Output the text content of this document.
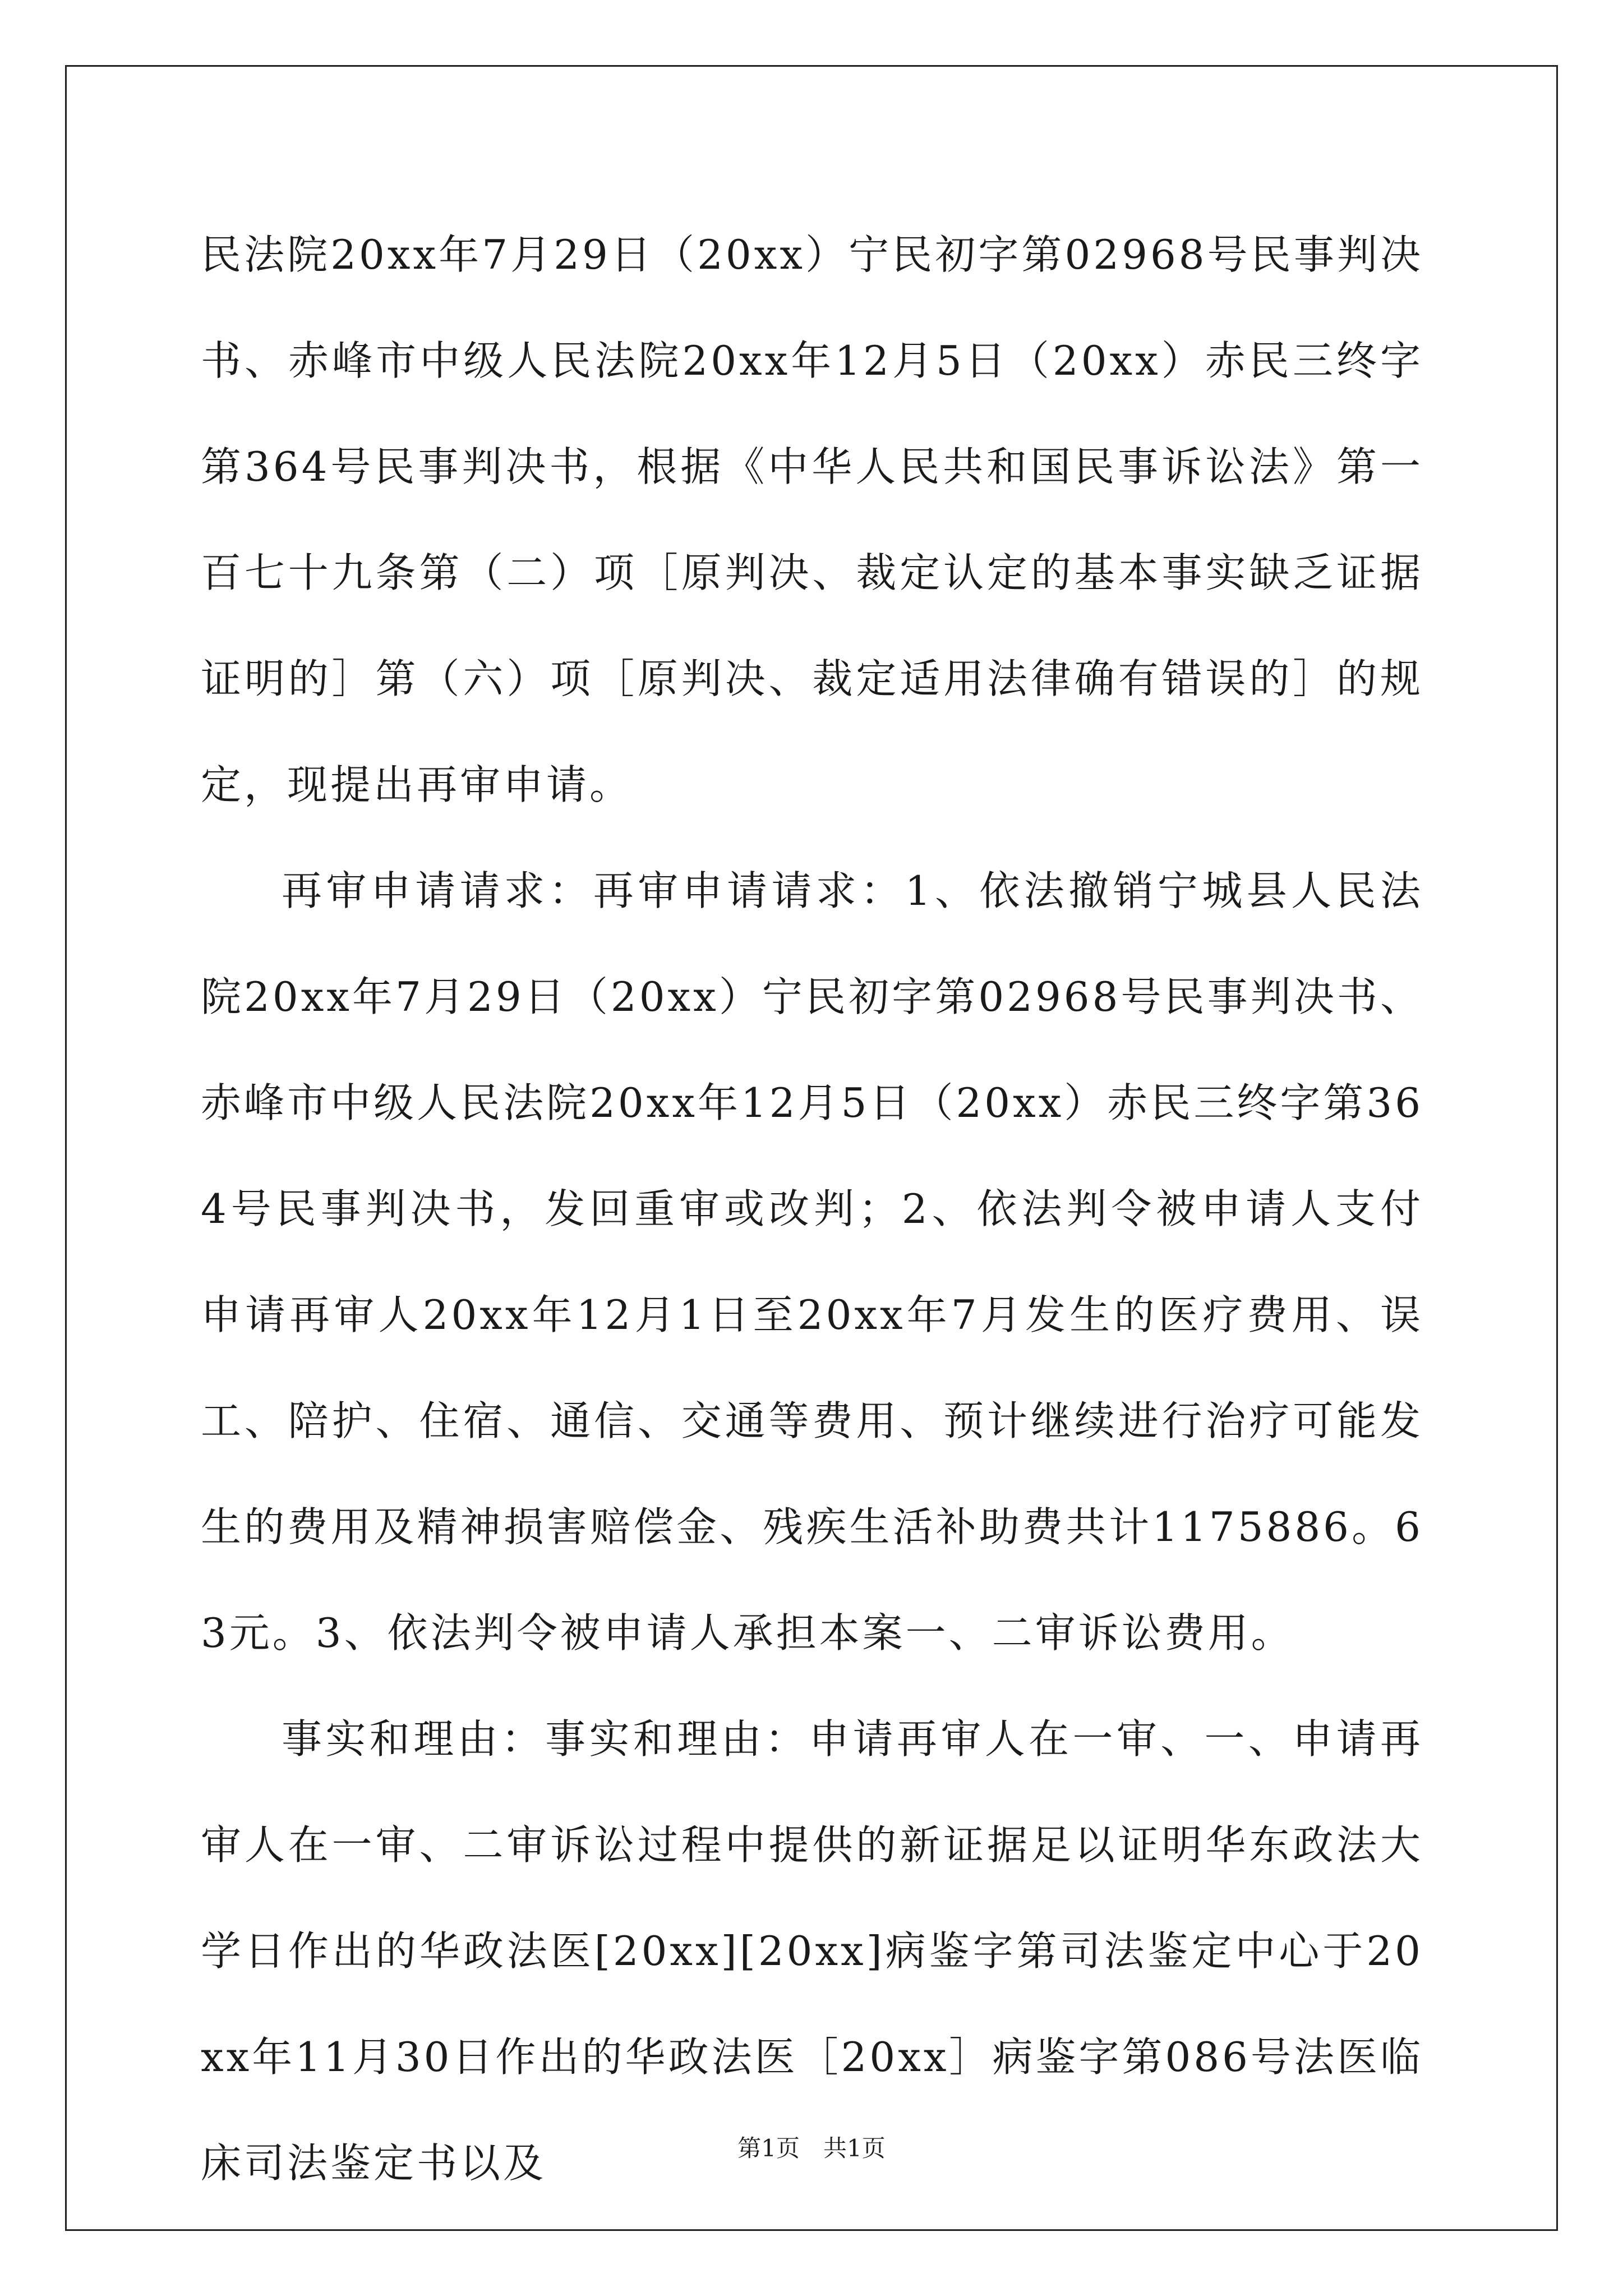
民法院20xx年7月29日（20xx）宁民初字第02968号民事判决书、赤峰市中级人民法院20xx年12月5日（20xx）赤民三终字第364号民事判决书，根据《中华人民共和国民事诉讼法》第一百七十九条第（二）项［原判决、裁定认定的基本事实缺乏证据证明的］第（六）项［原判决、裁定适用法律确有错误的］的规定，现提出再审申请。

再审申请请求：再审申请请求：1、依法撤销宁城县人民法院20xx年7月29日（20xx）宁民初字第02968号民事判决书、赤峰市中级人民法院20xx年12月5日（20xx）赤民三终字第364号民事判决书，发回重审或改判；2、依法判令被申请人支付申请再审人20xx年12月1日至20xx年7月发生的医疗费用、误工、陪护、住宿、通信、交通等费用、预计继续进行治疗可能发生的费用及精神损害赔偿金、残疾生活补助费共计1175886。63元。3、依法判令被申请人承担本案一、二审诉讼费用。

事实和理由：事实和理由：申请再审人在一审、一、申请再审人在一审、二审诉讼过程中提供的新证据足以证明华东政法大学日作出的华政法医[20xx][20xx]病鉴字第司法鉴定中心于20xx年11月30日作出的华政法医［20xx］病鉴字第086号法医临床司法鉴定书以及	第1页　共1页
